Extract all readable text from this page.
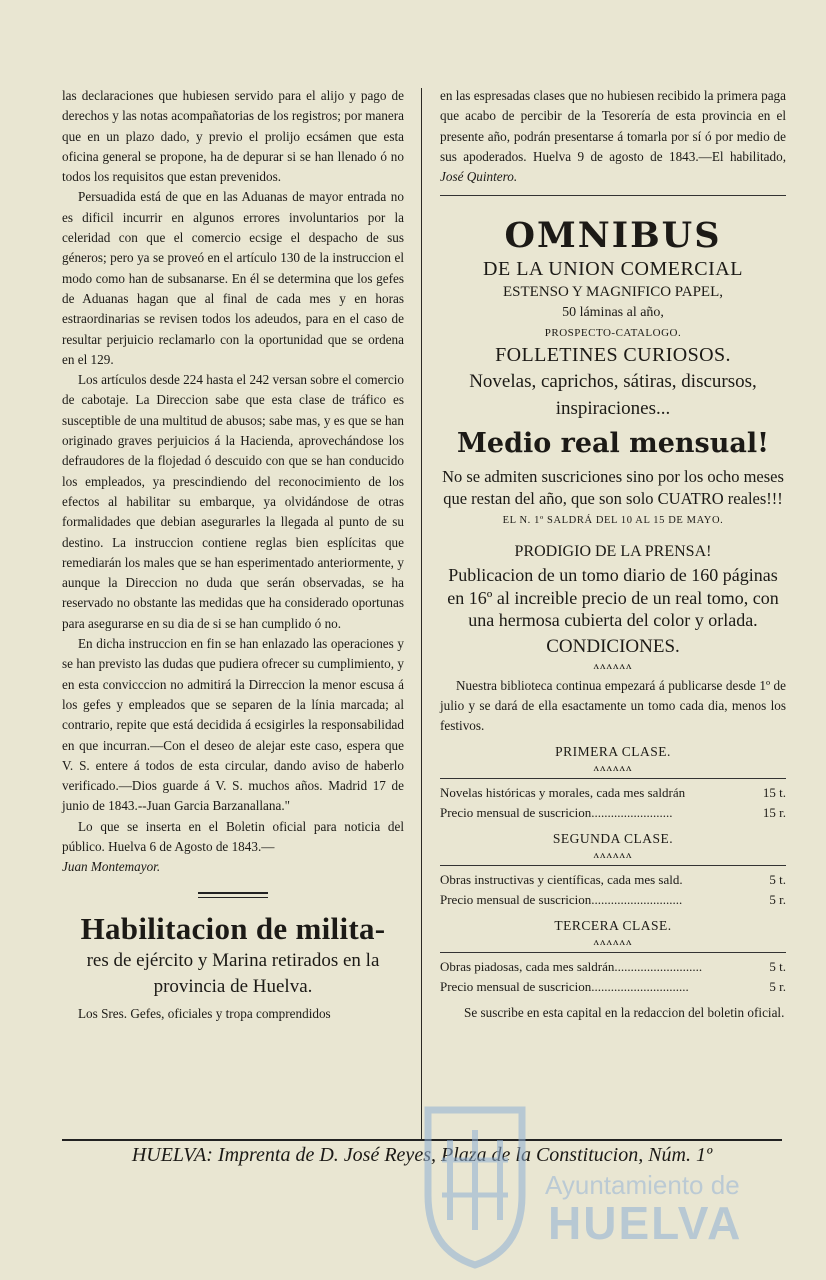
las declaraciones que hubiesen servido para el alijo y pago de derechos y las notas acompañatorias de los registros; por manera que en un plazo dado, y previo el prolijo ecsámen que esta oficina general se propone, ha de depurar si se han llenado ó no todos los requisitos que estan prevenidos.

Persuadida está de que en las Aduanas de mayor entrada no es dificil incurrir en algunos errores involuntarios por la celeridad con que el comercio ecsige el despacho de sus géneros; pero ya se proveó en el artículo 130 de la instruccion el modo como han de subsanarse. En él se determina que los gefes de Aduanas hagan que al final de cada mes y en horas estraordinarias se revisen todos los adeudos, para en el caso de resultar perjuicio reclamarlo con la oportunidad que se ordena en el 129.

Los artículos desde 224 hasta el 242 versan sobre el comercio de cabotaje. La Direccion sabe que esta clase de tráfico es susceptible de una multitud de abusos; sabe mas, y es que se han originado graves perjuicios á la Hacienda, aprovechándose los defraudores de la flojedad ó descuido con que se han conducido los empleados, ya prescindiendo del reconocimiento de los efectos al habilitar su embarque, ya olvidándose de otras formalidades que debian asegurarles la llegada al punto de su destino. La instruccion contiene reglas bien esplícitas que remediarán los males que se han esperimentado anteriormente, y aunque la Direccion no duda que serán observadas, se ha reservado no obstante las medidas que ha considerado oportunas para asegurarse en su dia de si se han cumplido ó no.

En dicha instruccion en fin se han enlazado las operaciones y se han previsto las dudas que pudiera ofrecer su cumplimiento, y en esta convicccion no admitirá la Dirreccion la menor escusa á los gefes y empleados que se separen de la línia marcada; al contrario, repite que está decidida á ecsigirles la responsabilidad en que incurran.—Con el deseo de alejar este caso, espera que V. S. entere á todos de esta circular, dando aviso de haberlo verificado.—Dios guarde á V. S. muchos años. Madrid 17 de junio de 1843.--Juan Garcia Barzanallana."

Lo que se inserta en el Boletin oficial para noticia del público. Huelva 6 de Agosto de 1843.—

Juan Montemayor.

Habilitacion de milita-

res de ejército y Marina retirados en la

provincia de Huelva.

Los Sres. Gefes, oficiales y tropa comprendidos

en las espresadas clases que no hubiesen recibido la primera paga que acabo de percibir de la Tesorería de esta provincia en el presente año, podrán presentarse á tomarla por sí ó por medio de sus apoderados. Huelva 9 de agosto de 1843.—El habilitado, José Quintero.

OMNIBUS

DE LA UNION COMERCIAL

ESTENSO Y MAGNIFICO PAPEL,

50 láminas al año,

PROSPECTO-CATALOGO.

FOLLETINES CURIOSOS.

Novelas, caprichos, sátiras, discursos, inspiraciones...

Medio real mensual!

No se admiten suscriciones sino por los ocho meses que restan del año, que son solo CUATRO reales!!!

EL N. 1º SALDRÁ DEL 10 AL 15 DE MAYO.

PRODIGIO DE LA PRENSA!

Publicacion de un tomo diario de 160 páginas en 16º al increible precio de un real tomo, con una hermosa cubierta del color y orlada.

CONDICIONES.

ᴧᴧᴧᴧᴧᴧ

Nuestra biblioteca continua empezará á publicarse desde 1º de julio y se dará de ella esactamente un tomo cada dia, menos los festivos.

PRIMERA CLASE.

ᴧᴧᴧᴧᴧᴧ
Novelas históricas y morales, cada mes saldrán	15 t.
Precio mensual de suscricion.........................	15 r.

SEGUNDA CLASE.

ᴧᴧᴧᴧᴧᴧ
Obras instructivas y científicas, cada mes sald.	5 t.
Precio mensual de suscricion............................	5 r.

TERCERA CLASE.

ᴧᴧᴧᴧᴧᴧ
Obras piadosas, cada mes saldrán...........................	5 t.
Precio mensual de suscricion..............................	5 r.

Se suscribe en esta capital en la redaccion del boletin oficial.

HUELVA: Imprenta de D. José Reyes, Plaza de la Constitucion, Núm. 1º
Ayuntamiento de
HUELVA
